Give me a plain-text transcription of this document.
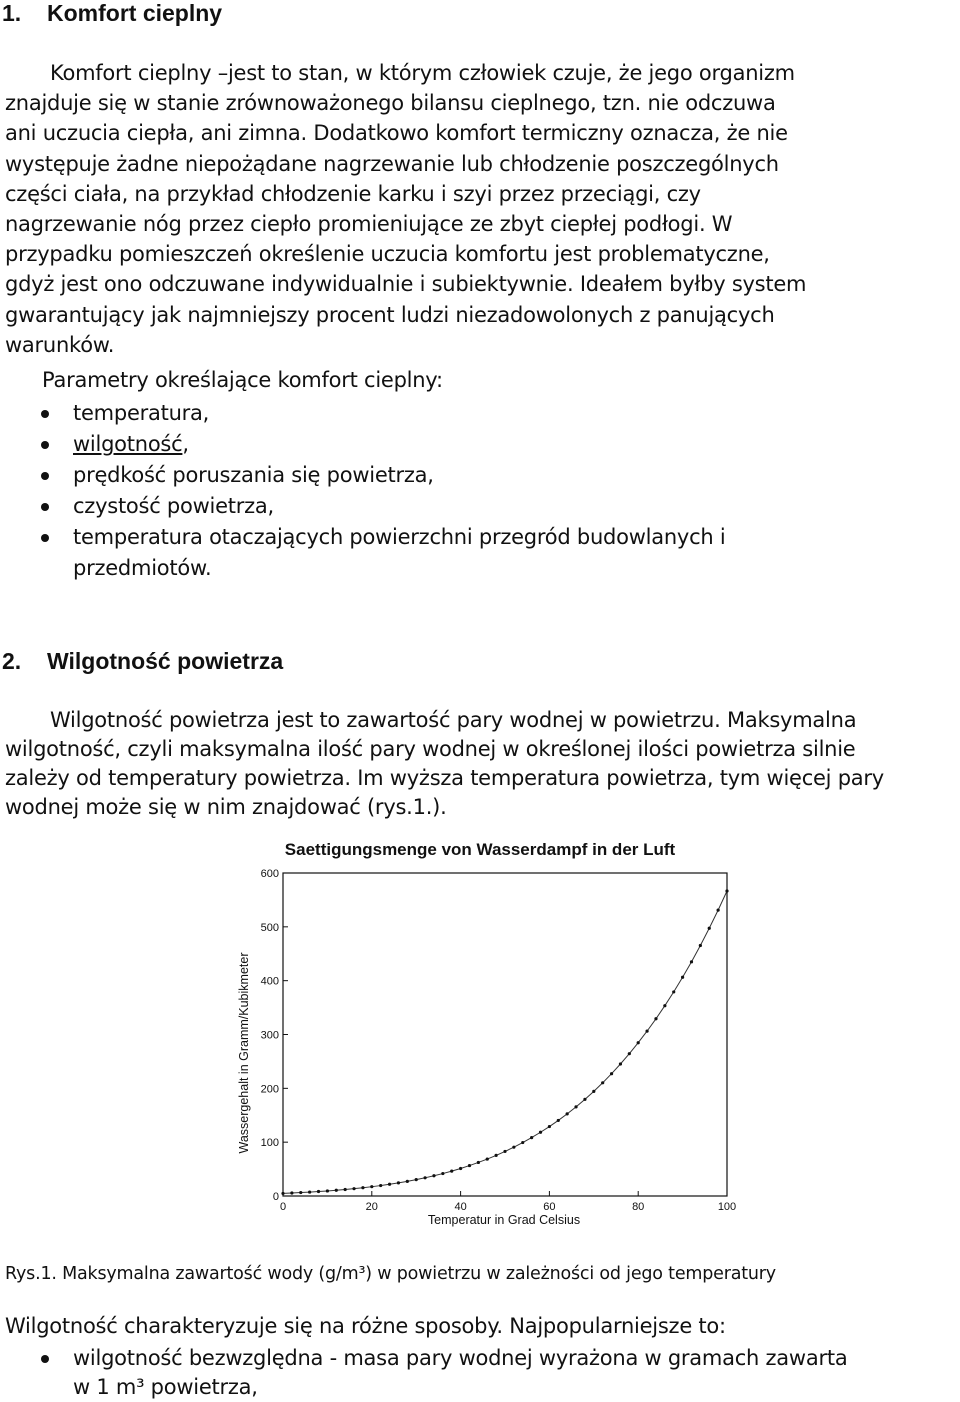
1. Komfort cieplny
Komfort cieplny –jest to stan, w którym człowiek czuje, że jego organizm
znajduje się w stanie zrównoważonego bilansu cieplnego, tzn. nie odczuwa
ani uczucia ciepła, ani zimna. Dodatkowo komfort termiczny oznacza, że nie
występuje żadne niepożądane nagrzewanie lub chłodzenie poszczególnych
części ciała, na przykład chłodzenie karku i szyi przez przeciągi, czy
nagrzewanie nóg przez ciepło promieniujące ze zbyt ciepłej podłogi. W
przypadku pomieszczeń określenie uczucia komfortu jest problematyczne,
gdyż jest ono odczuwane indywidualnie i subiektywnie. Ideałem byłby system
gwarantujący jak najmniejszy procent ludzi niezadowolonych z panujących
warunków.

Parametry określające komfort cieplny:

temperatura,
wilgotność,
prędkość poruszania się powietrza,
czystość powietrza,
temperatura otaczających powierzchni przegród budowlanych i
przedmiotów.
2. Wilgotność powietrza
Wilgotność powietrza jest to zawartość pary wodnej w powietrzu. Maksymalna
wilgotność, czyli maksymalna ilość pary wodnej w określonej ilości powietrza silnie
zależy od temperatury powietrza. Im wyższa temperatura powietrza, tym więcej pary
wodnej może się w nim znajdować (rys.1.).
Saettigungsmenge von Wasserdampf in der Luft
0	20	40	60	80	100
0
100
200
300
400
500
600
Temperatur in Grad Celsius
Wassergehalt in Gramm/Kubikmeter

Rys.1. Maksymalna zawartość wody (g/m³) w powietrzu w zależności od jego temperatury

Wilgotność charakteryzuje się na różne sposoby. Najpopularniejsze to:

wilgotność bezwzględna - masa pary wodnej wyrażona w gramach zawarta
w 1 m³ powietrza,
